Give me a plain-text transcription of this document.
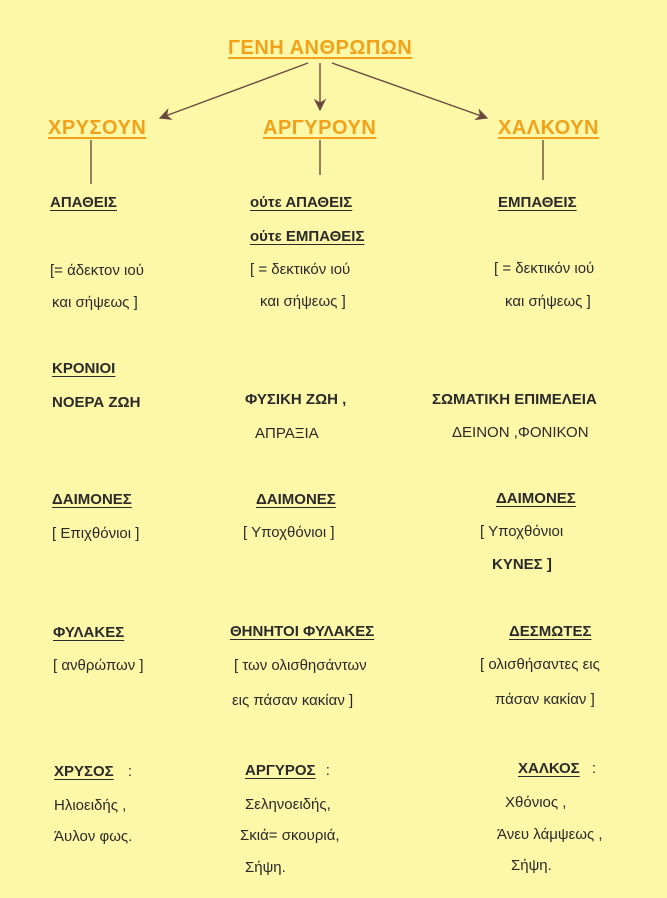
ΓΕΝΗ ΑΝΘΡΩΠΩΝ
ΧΡΥΣΟΥΝ	ΑΡΓΥΡΟΥΝ	ΧΑΛΚΟΥΝ
ΑΠΑΘΕΙΣ
[= άδεκτον ιού
και σήψεως ]
ΚΡΟΝΙΟΙ
ΝΟΕΡΑ ΖΩΗ
ΔΑΙΜΟΝΕΣ
[ Επιχθόνιοι ]
ΦΥΛΑΚΕΣ
[ ανθρώπων ]
ΧΡΥΣΟΣ :
Ηλιοειδής ,
Άυλον φως.
ούτε ΑΠΑΘΕΙΣ
ούτε ΕΜΠΑΘΕΙΣ
[ = δεκτικόν ιού
και σήψεως ]
ΦΥΣΙΚΗ ΖΩΗ ,
ΑΠΡΑΞΙΑ
ΔΑΙΜΟΝΕΣ
[ Υποχθόνιοι ]
ΘΗΝΗΤΟΙ ΦΥΛΑΚΕΣ
[ των ολισθησάντων
εις πάσαν κακίαν ]
ΑΡΓΥΡΟΣ :
Σεληνοειδής,
Σκιά= σκουριά,
Σήψη.
ΕΜΠΑΘΕΙΣ
[ = δεκτικόν ιού
και σήψεως ]
ΣΩΜΑΤΙΚΗ ΕΠΙΜΕΛΕΙΑ
ΔΕΙΝΟΝ ,ΦΟΝΙΚΟΝ
ΔΑΙΜΟΝΕΣ
[ Υποχθόνιοι
ΚΥΝΕΣ ]
ΔΕΣΜΩΤΕΣ
[ ολισθήσαντες εις
πάσαν κακίαν ]
ΧΑΛΚΟΣ :
Χθόνιος ,
Άνευ λάμψεως ,
Σήψη.
